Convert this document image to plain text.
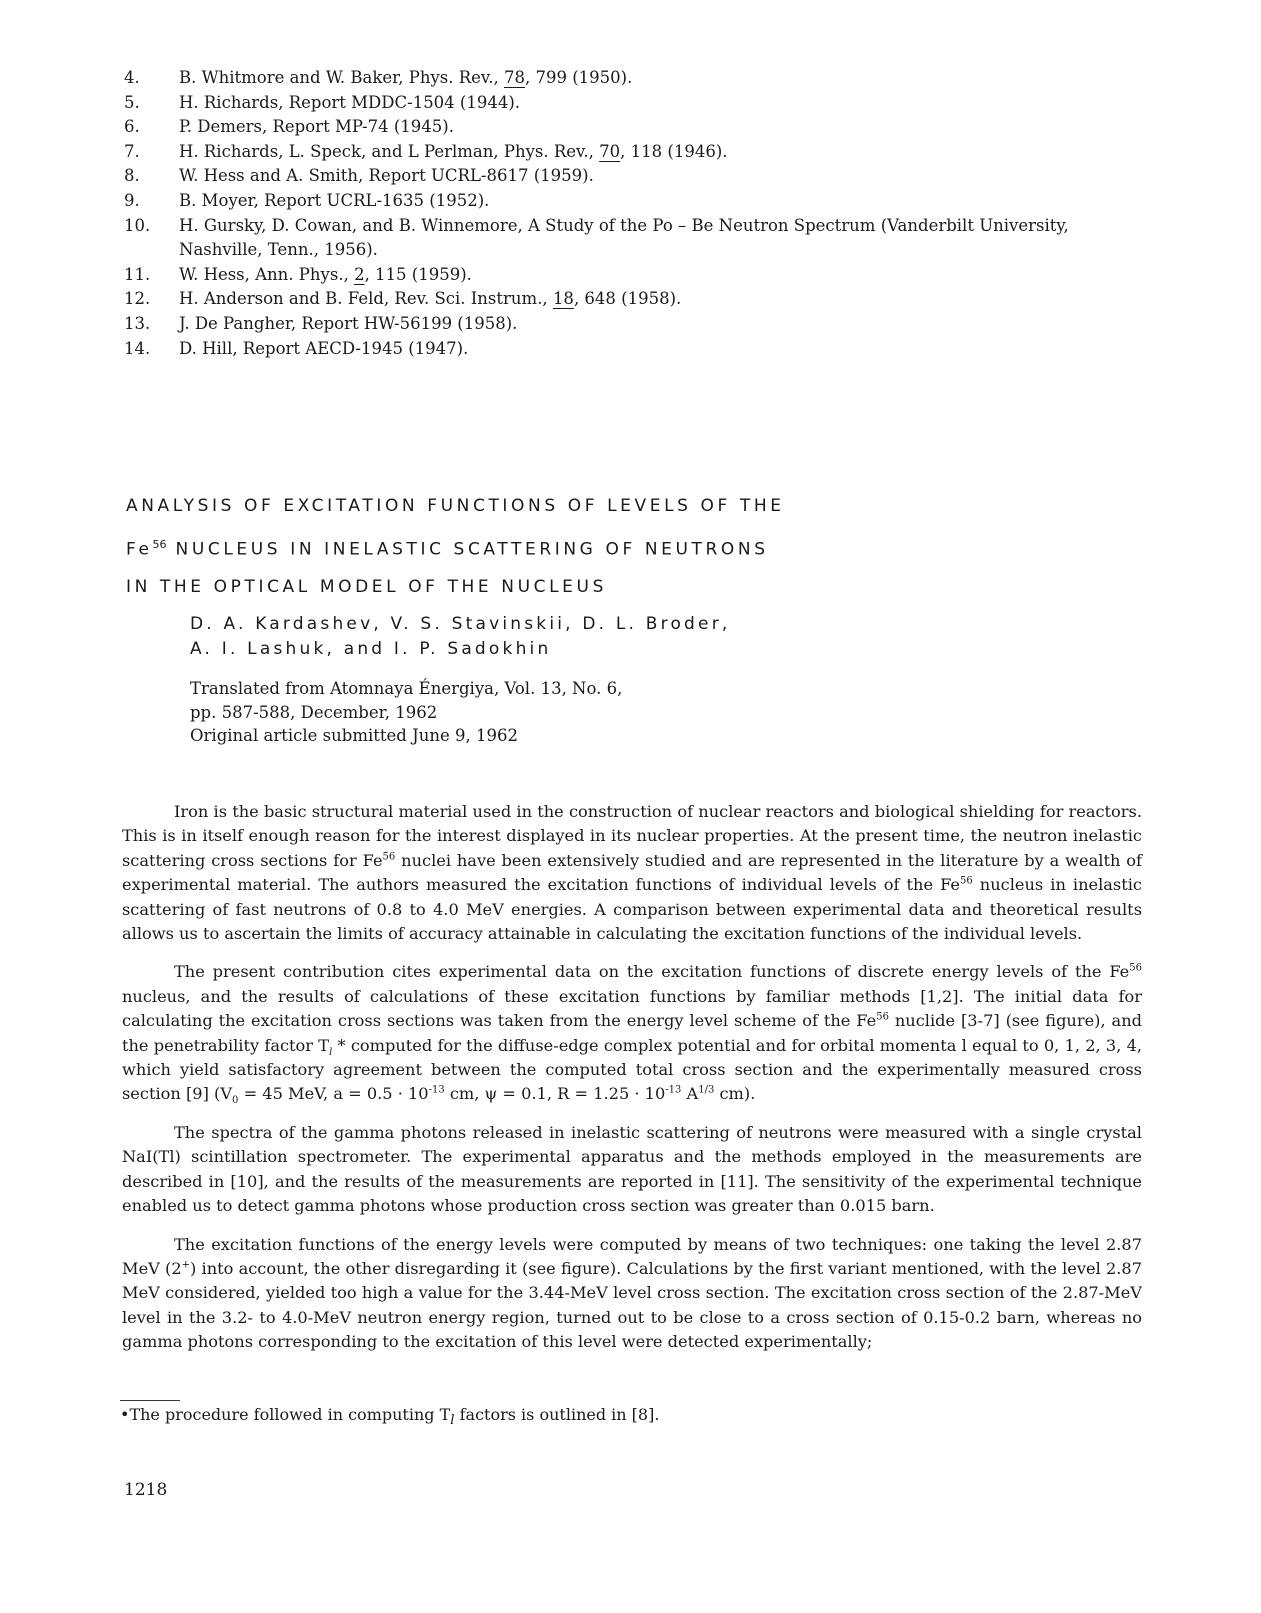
4.	B. Whitmore and W. Baker, Phys. Rev., 78, 799 (1950).
5.	H. Richards, Report MDDC-1504 (1944).
6.	P. Demers, Report MP-74 (1945).
7.	H. Richards, L. Speck, and L Perlman, Phys. Rev., 70, 118 (1946).
8.	W. Hess and A. Smith, Report UCRL-8617 (1959).
9.	B. Moyer, Report UCRL-1635 (1952).
10.	H. Gursky, D. Cowan, and B. Winnemore, A Study of the Po – Be Neutron Spectrum (Vanderbilt University, Nashville, Tenn., 1956).
11.	W. Hess, Ann. Phys., 2, 115 (1959).
12.	H. Anderson and B. Feld, Rev. Sci. Instrum., 18, 648 (1958).
13.	J. De Pangher, Report HW-56199 (1958).
14.	D. Hill, Report AECD-1945 (1947).
ANALYSIS OF EXCITATION FUNCTIONS OF LEVELS OF THE
Fe$^{56}$ NUCLEUS IN INELASTIC SCATTERING OF NEUTRONS
IN THE OPTICAL MODEL OF THE NUCLEUS
D. A. Kardashev, V. S. Stavinskii, D. L. Broder,
A. I. Lashuk, and I. P. Sadokhin
Translated from Atomnaya Énergiya, Vol. 13, No. 6,
pp. 587-588, December, 1962
Original article submitted June 9, 1962

Iron is the basic structural material used in the construction of nuclear reactors and biological shielding for reactors. This is in itself enough reason for the interest displayed in its nuclear properties. At the present time, the neutron inelastic scattering cross sections for Fe$^{56}$ nuclei have been extensively studied and are represented in the literature by a wealth of experimental material. The authors measured the excitation functions of individual levels of the Fe$^{56}$ nucleus in inelastic scattering of fast neutrons of 0.8 to 4.0 MeV energies. A comparison between experimental data and theoretical results allows us to ascertain the limits of accuracy attainable in calculating the excitation functions of the individual levels.

The present contribution cites experimental data on the excitation functions of discrete energy levels of the Fe$^{56}$ nucleus, and the results of calculations of these excitation functions by familiar methods [1,2]. The initial data for calculating the excitation cross sections was taken from the energy level scheme of the Fe$^{56}$ nuclide [3-7] (see figure), and the penetrability factor $T_l$ * computed for the diffuse-edge complex potential and for orbital momenta l equal to 0, 1, 2, 3, 4, which yield satisfactory agreement between the computed total cross section and the experimentally measured cross section [9] ($V_0 = 45$ MeV, $a = 0.5 \cdot 10^{-13}$ cm, ψ = 0.1, $R = 1.25 \cdot 10^{-13}$ $A^{1/3}$ cm).

The spectra of the gamma photons released in inelastic scattering of neutrons were measured with a single crystal NaI(Tl) scintillation spectrometer. The experimental apparatus and the methods employed in the measurements are described in [10], and the results of the measurements are reported in [11]. The sensitivity of the experimental technique enabled us to detect gamma photons whose production cross section was greater than 0.015 barn.

The excitation functions of the energy levels were computed by means of two techniques: one taking the level 2.87 MeV (2+) into account, the other disregarding it (see figure). Calculations by the first variant mentioned, with the level 2.87 MeV considered, yielded too high a value for the 3.44-MeV level cross section. The excitation cross section of the 2.87-MeV level in the 3.2- to 4.0-MeV neutron energy region, turned out to be close to a cross section of 0.15-0.2 barn, whereas no gamma photons corresponding to the excitation of this level were detected experimentally;

•The procedure followed in computing $T_l$ factors is outlined in [8].
1218
